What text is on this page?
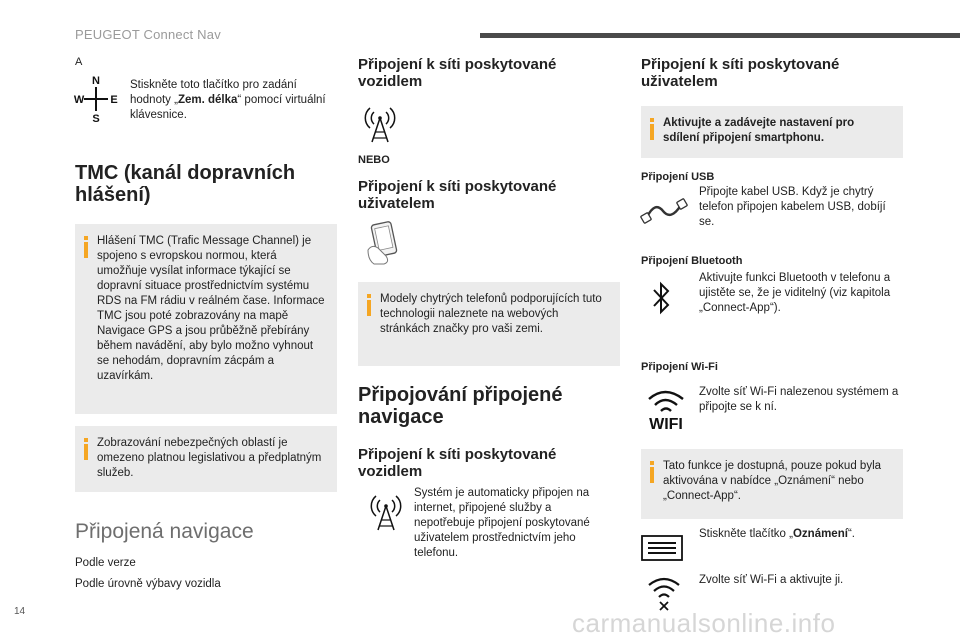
PEUGEOT Connect Nav
A
N
S
W E
Stiskněte toto tlačítko pro zadání hodnoty „Zem. délka“ pomocí virtuální klávesnice.
TMC (kanál dopravních hlášení)
Hlášení TMC (Trafic Message Channel) je spojeno s evropskou normou, která umožňuje vysílat informace týkající se dopravní situace prostřednictvím systému RDS na FM rádiu v reálném čase. Informace TMC jsou poté zobrazovány na mapě Navigace GPS a jsou průběžně přebírány během navádění, aby bylo možno vyhnout se nehodám, dopravním zácpám a uzavírkám.
Zobrazování nebezpečných oblastí je omezeno platnou legislativou a předplatným služeb.
Připojená navigace
Podle verze
Podle úrovně výbavy vozidla
Připojení k síti poskytované vozidlem
NEBO
Připojení k síti poskytované uživatelem
Modely chytrých telefonů podporujících tuto technologii naleznete na webových stránkách značky pro vaši zemi.
Připojování připojené navigace
Připojení k síti poskytované vozidlem
Systém je automaticky připojen na internet, připojené služby a nepotřebuje připojení poskytované uživatelem prostřednictvím jeho telefonu.
Připojení k síti poskytované uživatelem
Aktivujte a zadávejte nastavení pro sdílení připojení smartphonu.
Připojení USB
Připojte kabel USB. Když je chytrý telefon připojen kabelem USB, dobíjí se.
Připojení Bluetooth
Aktivujte funkci Bluetooth v telefonu a ujistěte se, že je viditelný (viz kapitola „Connect-App“).
Připojení Wi-Fi
WIFI
Zvolte síť Wi-Fi nalezenou systémem a připojte se k ní.
Tato funkce je dostupná, pouze pokud byla aktivována v nabídce „Oznámení“ nebo „Connect-App“.
Stiskněte tlačítko „Oznámení“.
Zvolte síť Wi-Fi a aktivujte ji.
14	carmanualsonline.info
